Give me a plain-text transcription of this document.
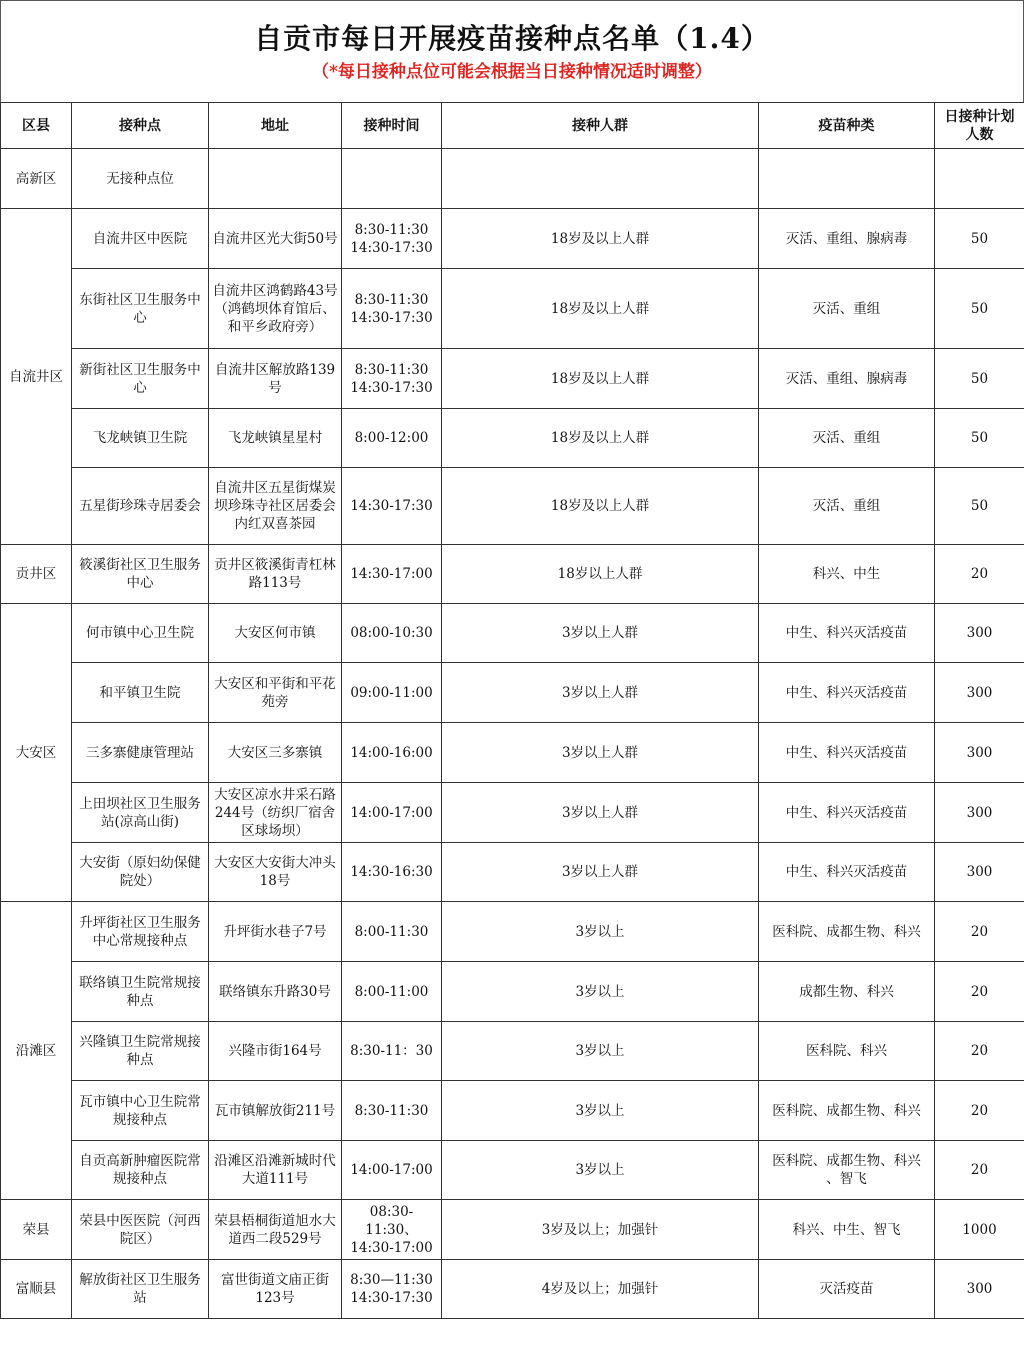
自贡市每日开展疫苗接种点名单（1.4）
（*每日接种点位可能会根据当日接种情况适时调整）
区县	接种点	地址	接种时间	接种人群	疫苗种类	日接种计划
人数
高新区	无接种点位					
自流井区	自流井区中医院	自流井区光大街50号	8:30-11:30
14:30-17:30	18岁及以上人群	灭活、重组、腺病毒	50
	东街社区卫生服务中
心	自流井区鸿鹤路43号
（鸿鹤坝体育馆后、
和平乡政府旁）	8:30-11:30
14:30-17:30	18岁及以上人群	灭活、重组	50
	新街社区卫生服务中
心	自流井区解放路139
号	8:30-11:30
14:30-17:30	18岁及以上人群	灭活、重组、腺病毒	50
	飞龙峡镇卫生院	飞龙峡镇星星村	8:00-12:00	18岁及以上人群	灭活、重组	50
	五星街珍珠寺居委会	自流井区五星街煤炭
坝珍珠寺社区居委会
内红双喜茶园	14:30-17:30	18岁及以上人群	灭活、重组	50
贡井区	筱溪街社区卫生服务
中心	贡井区筱溪街青杠林
路113号	14:30-17:00	18岁以上人群	科兴、中生	20
大安区	何市镇中心卫生院	大安区何市镇	08:00-10:30	3岁以上人群	中生、科兴灭活疫苗	300
	和平镇卫生院	大安区和平街和平花
苑旁	09:00-11:00	3岁以上人群	中生、科兴灭活疫苗	300
	三多寨健康管理站	大安区三多寨镇	14:00-16:00	3岁以上人群	中生、科兴灭活疫苗	300
	上田坝社区卫生服务
站(凉高山街)	大安区凉水井采石路
244号（纺织厂宿舍
区球场坝）	14:00-17:00	3岁以上人群	中生、科兴灭活疫苗	300
	大安街（原妇幼保健
院处）	大安区大安街大冲头
18号	14:30-16:30	3岁以上人群	中生、科兴灭活疫苗	300
沿滩区	升坪街社区卫生服务
中心常规接种点	升坪街水巷子7号	8:00-11:30	3岁以上	医科院、成都生物、科兴	20
	联络镇卫生院常规接
种点	联络镇东升路30号	8:00-11:00	3岁以上	成都生物、科兴	20
	兴隆镇卫生院常规接
种点	兴隆市街164号	8:30-11：30	3岁以上	医科院、科兴	20
	瓦市镇中心卫生院常
规接种点	瓦市镇解放街211号	8:30-11:30	3岁以上	医科院、成都生物、科兴	20
	自贡高新肿瘤医院常
规接种点	沿滩区沿滩新城时代
大道111号	14:00-17:00	3岁以上	医科院、成都生物、科兴
、智飞	20
荣县	荣县中医医院（河西
院区）	荣县梧桐街道旭水大
道西二段529号	08:30-11:30、
14:30-17:00	3岁及以上；加强针	科兴、中生、智飞	1000
富顺县	解放街社区卫生服务
站	富世街道文庙正街
123号	8:30—11:30
14:30-17:30	4岁及以上；加强针	灭活疫苗	300
